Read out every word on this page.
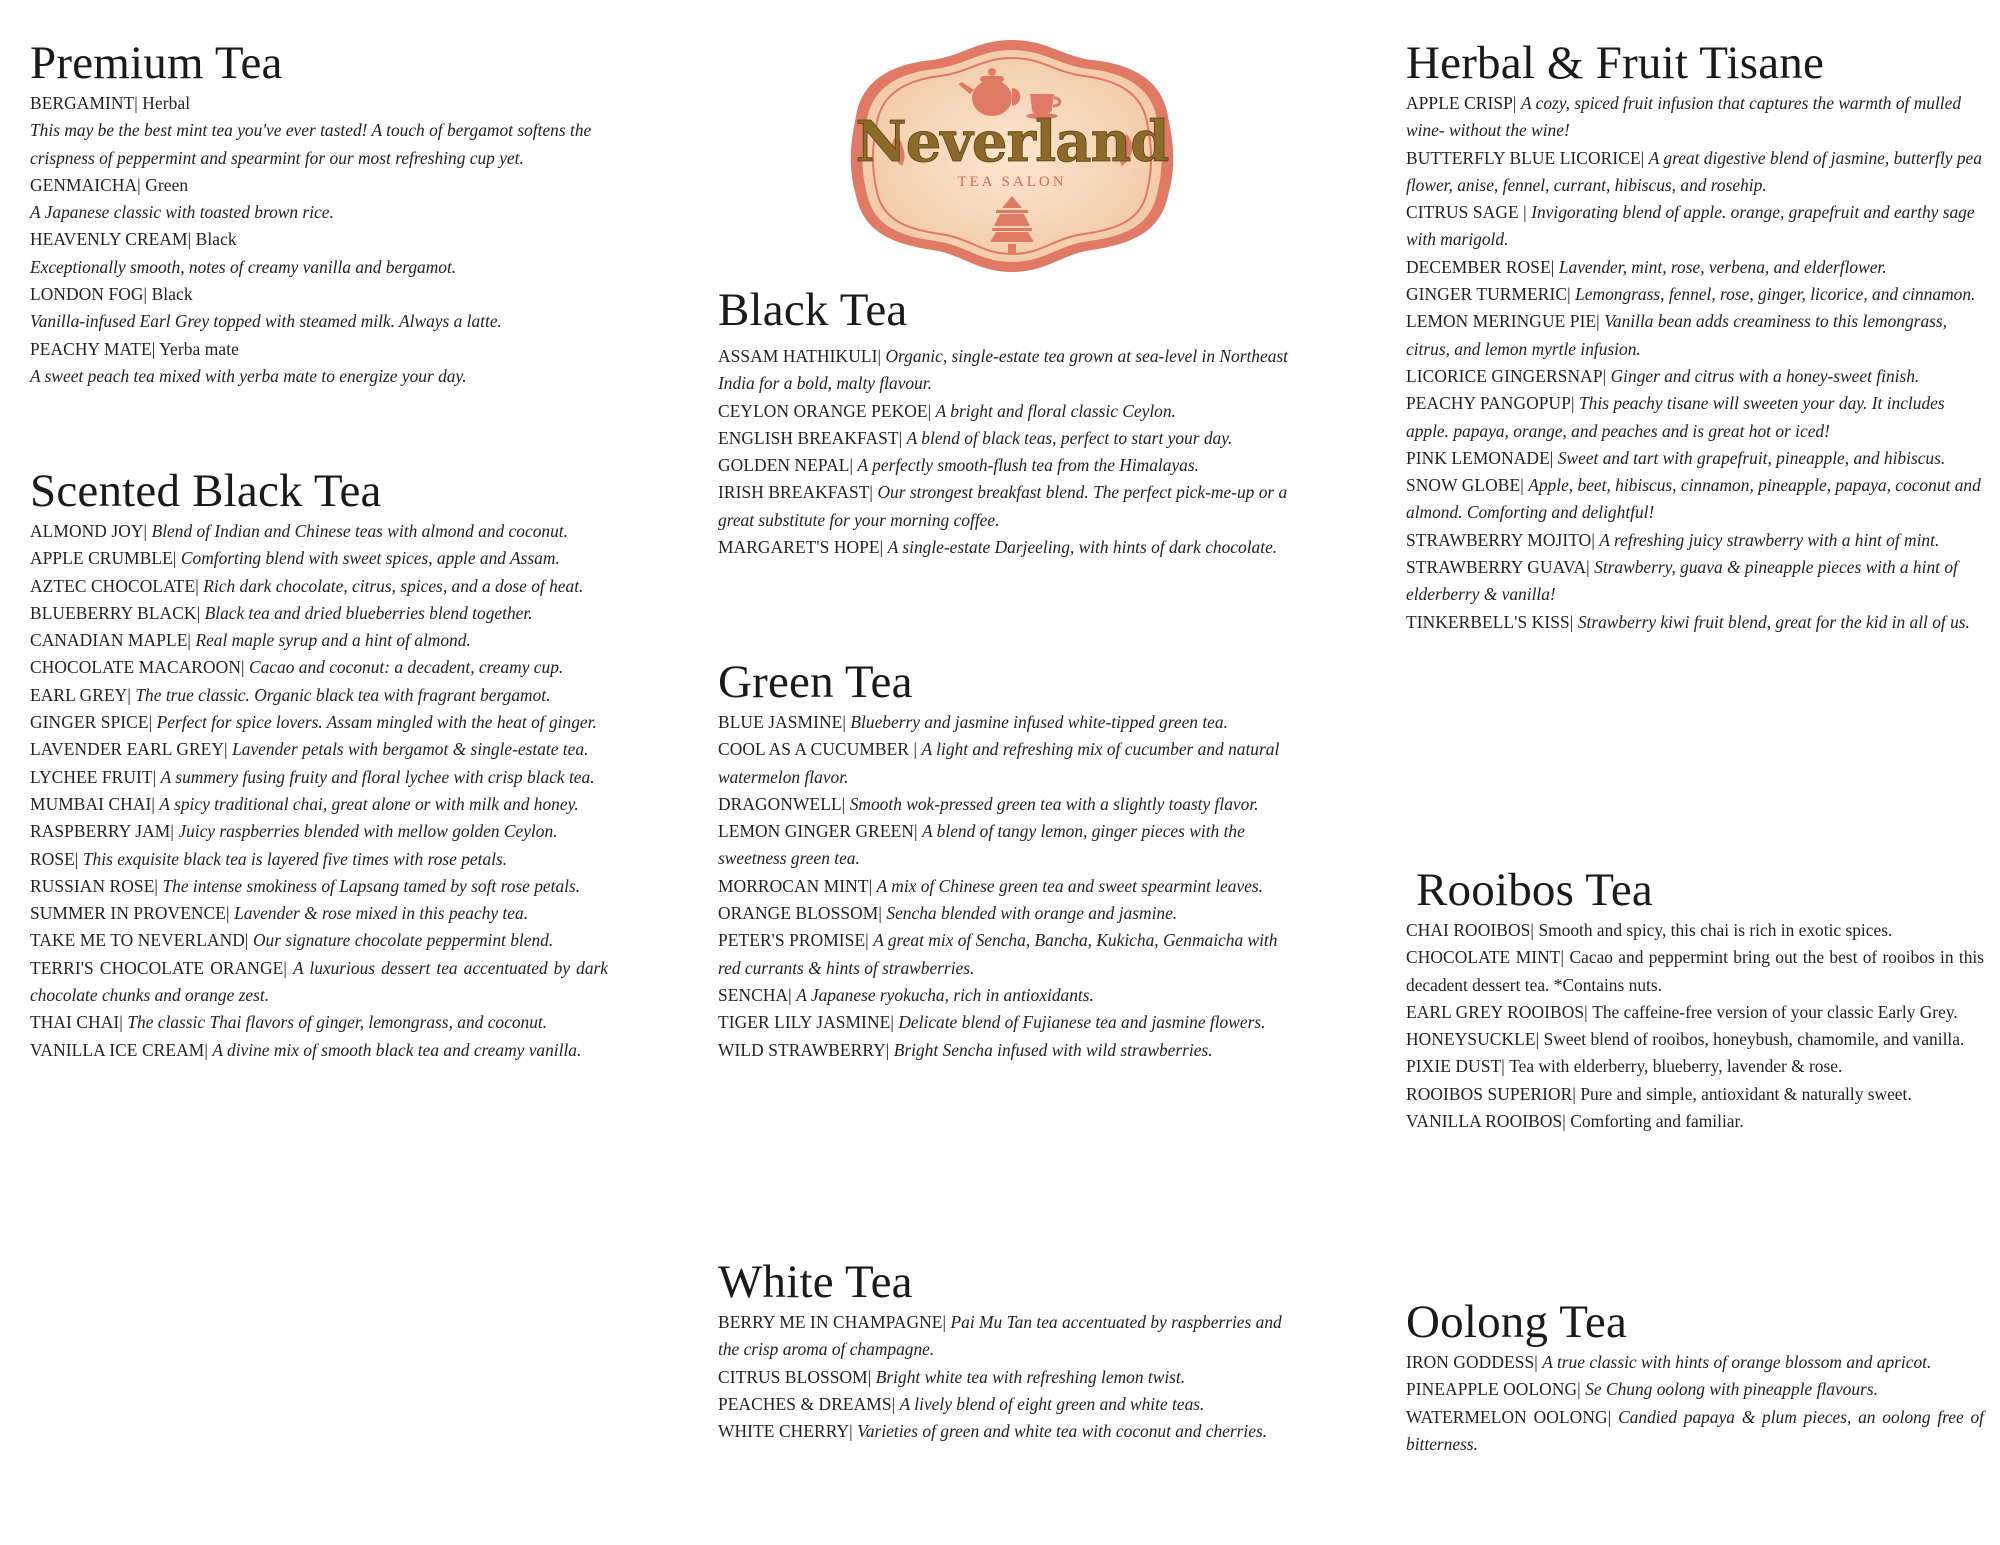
Neverland
TEA SALON
Premium Tea

BERGAMINT| Herbal
This may be the best mint tea you've ever tasted! A touch of bergamot softens the crispness of peppermint and spearmint for our most refreshing cup yet.

GENMAICHA| Green
A Japanese classic with toasted brown rice.

HEAVENLY CREAM| Black
Exceptionally smooth, notes of creamy vanilla and bergamot.

LONDON FOG| Black
Vanilla-infused Earl Grey topped with steamed milk. Always a latte.

PEACHY MATE| Yerba mate
A sweet peach tea mixed with yerba mate to energize your day.

Scented Black Tea

ALMOND JOY| Blend of Indian and Chinese teas with almond and coconut.

APPLE CRUMBLE| Comforting blend with sweet spices, apple and Assam.

AZTEC CHOCOLATE| Rich dark chocolate, citrus, spices, and a dose of heat.

BLUEBERRY BLACK| Black tea and dried blueberries blend together.

CANADIAN MAPLE| Real maple syrup and a hint of almond.

CHOCOLATE MACAROON| Cacao and coconut: a decadent, creamy cup.

EARL GREY| The true classic. Organic black tea with fragrant bergamot.

GINGER SPICE| Perfect for spice lovers. Assam mingled with the heat of ginger.

LAVENDER EARL GREY| Lavender petals with bergamot & single-estate tea.

LYCHEE FRUIT| A summery fusing fruity and floral lychee with crisp black tea.

MUMBAI CHAI| A spicy traditional chai, great alone or with milk and honey.

RASPBERRY JAM| Juicy raspberries blended with mellow golden Ceylon.

ROSE| This exquisite black tea is layered five times with rose petals.

RUSSIAN ROSE| The intense smokiness of Lapsang tamed by soft rose petals.

SUMMER IN PROVENCE| Lavender & rose mixed in this peachy tea.

TAKE ME TO NEVERLAND| Our signature chocolate peppermint blend.

TERRI'S CHOCOLATE ORANGE| A luxurious dessert tea accentuated by dark chocolate chunks and orange zest.

THAI CHAI| The classic Thai flavors of ginger, lemongrass, and coconut.

VANILLA ICE CREAM| A divine mix of smooth black tea and creamy vanilla.

Black Tea

ASSAM HATHIKULI| Organic, single-estate tea grown at sea-level in Northeast India for a bold, malty flavour.

CEYLON ORANGE PEKOE| A bright and floral classic Ceylon.

ENGLISH BREAKFAST| A blend of black teas, perfect to start your day.

GOLDEN NEPAL| A perfectly smooth-flush tea from the Himalayas.

IRISH BREAKFAST| Our strongest breakfast blend. The perfect pick-me-up or a great substitute for your morning coffee.

MARGARET'S HOPE| A single-estate Darjeeling, with hints of dark chocolate.

Green Tea

BLUE JASMINE| Blueberry and jasmine infused white-tipped green tea.

COOL AS A CUCUMBER | A light and refreshing mix of cucumber and natural watermelon flavor.

DRAGONWELL| Smooth wok-pressed green tea with a slightly toasty flavor.

LEMON GINGER GREEN| A blend of tangy lemon, ginger pieces with the sweetness green tea.

MORROCAN MINT| A mix of Chinese green tea and sweet spearmint leaves.

ORANGE BLOSSOM| Sencha blended with orange and jasmine.

PETER'S PROMISE| A great mix of Sencha, Bancha, Kukicha, Genmaicha with red currants & hints of strawberries.

SENCHA| A Japanese ryokucha, rich in antioxidants.

TIGER LILY JASMINE| Delicate blend of Fujianese tea and jasmine flowers.

WILD STRAWBERRY| Bright Sencha infused with wild strawberries.

White Tea

BERRY ME IN CHAMPAGNE| Pai Mu Tan tea accentuated by raspberries and the crisp aroma of champagne.

CITRUS BLOSSOM| Bright white tea with refreshing lemon twist.

PEACHES & DREAMS| A lively blend of eight green and white teas.

WHITE CHERRY| Varieties of green and white tea with coconut and cherries.

Herbal & Fruit Tisane

APPLE CRISP| A cozy, spiced fruit infusion that captures the warmth of mulled wine- without the wine!

BUTTERFLY BLUE LICORICE| A great digestive blend of jasmine, butterfly pea flower, anise, fennel, currant, hibiscus, and rosehip.

CITRUS SAGE | Invigorating blend of apple. orange, grapefruit and earthy sage with marigold.

DECEMBER ROSE| Lavender, mint, rose, verbena, and elderflower.

GINGER TURMERIC| Lemongrass, fennel, rose, ginger, licorice, and cinnamon.

LEMON MERINGUE PIE| Vanilla bean adds creaminess to this lemongrass, citrus, and lemon myrtle infusion.

LICORICE GINGERSNAP| Ginger and citrus with a honey-sweet finish.

PEACHY PANGOPUP| This peachy tisane will sweeten your day. It includes apple. papaya, orange, and peaches and is great hot or iced!

PINK LEMONADE| Sweet and tart with grapefruit, pineapple, and hibiscus.

SNOW GLOBE| Apple, beet, hibiscus, cinnamon, pineapple, papaya, coconut and almond. Comforting and delightful!

STRAWBERRY MOJITO| A refreshing juicy strawberry with a hint of mint.

STRAWBERRY GUAVA| Strawberry, guava & pineapple pieces with a hint of elderberry & vanilla!

TINKERBELL'S KISS| Strawberry kiwi fruit blend, great for the kid in all of us.

Rooibos Tea

CHAI ROOIBOS| Smooth and spicy, this chai is rich in exotic spices.

CHOCOLATE MINT| Cacao and peppermint bring out the best of rooibos in this decadent dessert tea. *Contains nuts.

EARL GREY ROOIBOS| The caffeine-free version of your classic Early Grey.

HONEYSUCKLE| Sweet blend of rooibos, honeybush, chamomile, and vanilla.

PIXIE DUST| Tea with elderberry, blueberry, lavender & rose.

ROOIBOS SUPERIOR| Pure and simple, antioxidant & naturally sweet.

VANILLA ROOIBOS| Comforting and familiar.

Oolong Tea

IRON GODDESS| A true classic with hints of orange blossom and apricot.

PINEAPPLE OOLONG| Se Chung oolong with pineapple flavours.

WATERMELON OOLONG| Candied papaya & plum pieces, an oolong free of bitterness.
